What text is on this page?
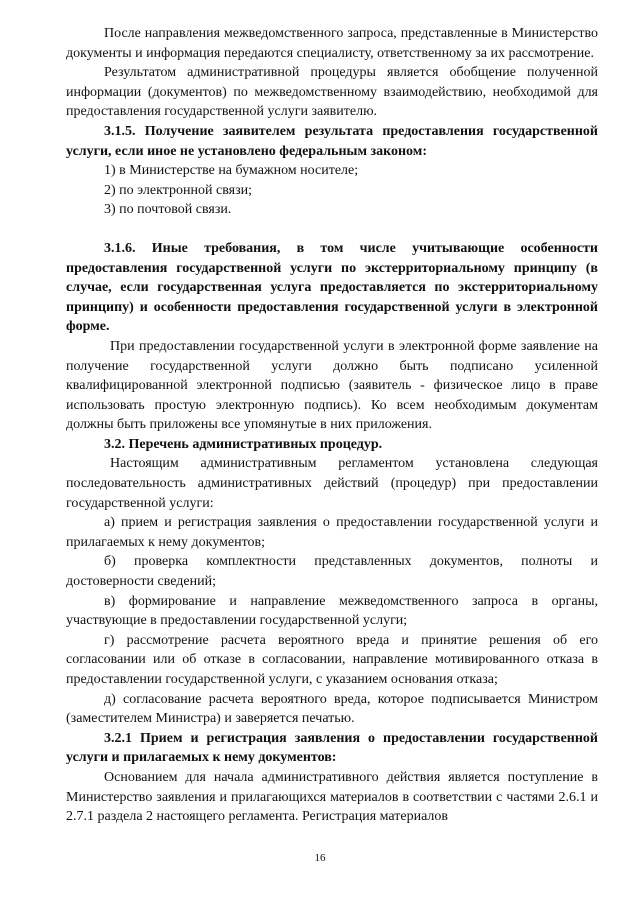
После направления межведомственного запроса, представленные в Министерство документы и информация передаются специалисту, ответственному за их рассмотрение.

Результатом административной процедуры является обобщение полученной информации (документов) по межведомственному взаимодействию, необходимой для предоставления государственной услуги заявителю.

3.1.5. Получение заявителем результата предоставления государственной услуги, если иное не установлено федеральным законом:

1) в Министерстве на бумажном носителе;

2) по электронной связи;

3) по почтовой связи.

3.1.6. Иные требования, в том числе учитывающие особенности предоставления государственной услуги по экстерриториальному принципу (в случае, если государственная услуга предоставляется по экстерриториальному принципу) и особенности предоставления государственной услуги в электронной форме.

При предоставлении государственной услуги в электронной форме заявление на получение государственной услуги должно быть подписано усиленной квалифицированной электронной подписью (заявитель - физическое лицо в праве использовать простую электронную подпись). Ко всем необходимым документам должны быть приложены все упомянутые в них приложения.

3.2. Перечень административных процедур.

Настоящим административным регламентом установлена следующая последовательность административных действий (процедур) при предоставлении государственной услуги:

а) прием и регистрация заявления о предоставлении государственной услуги и прилагаемых к нему документов;

б) проверка комплектности представленных документов, полноты и достоверности сведений;

в) формирование и направление межведомственного запроса в органы, участвующие в предоставлении государственной услуги;

г) рассмотрение расчета вероятного вреда и принятие решения об его согласовании или об отказе в согласовании, направление мотивированного отказа в предоставлении государственной услуги, с указанием основания отказа;

д) согласование расчета вероятного вреда, которое подписывается Министром (заместителем Министра) и заверяется печатью.

3.2.1 Прием и регистрация заявления о предоставлении государственной услуги и прилагаемых к нему документов:

Основанием для начала административного действия является поступление в Министерство заявления и прилагающихся материалов в соответствии с частями 2.6.1 и 2.7.1 раздела 2 настоящего регламента. Регистрация материалов

16
